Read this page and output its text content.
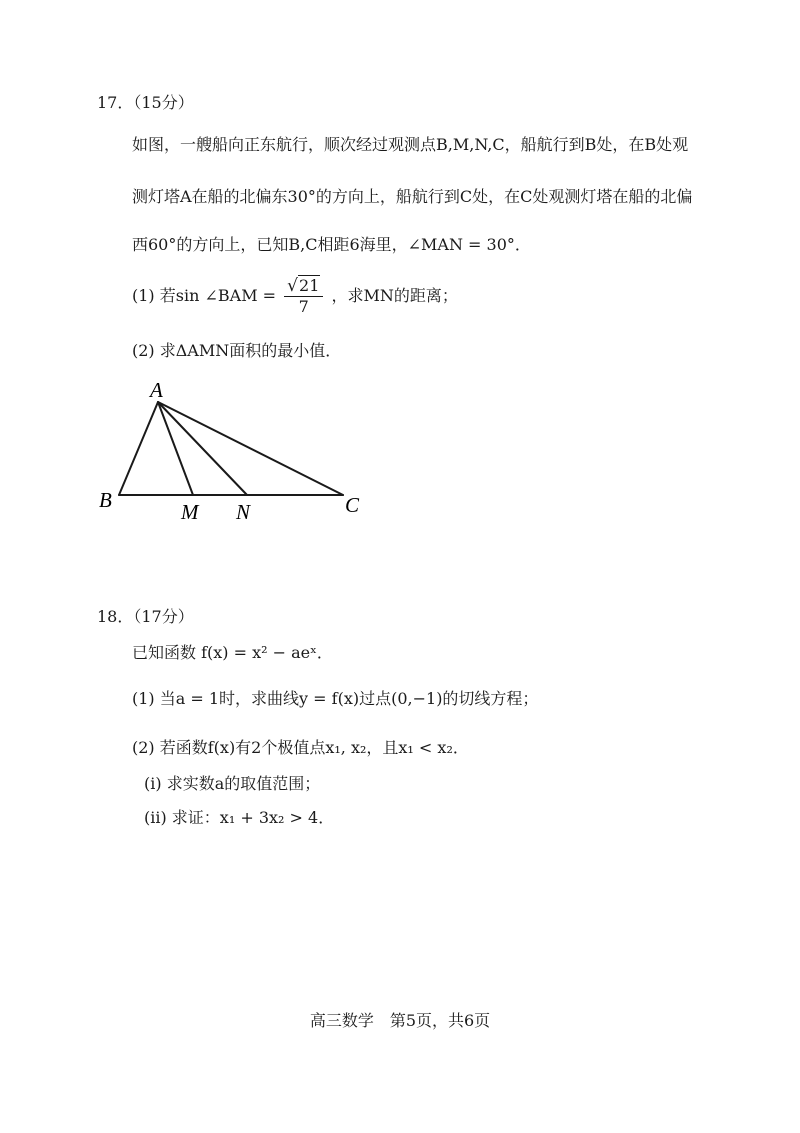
17．（15分）
如图，一艘船向正东航行，顺次经过观测点B,M,N,C，船航行到B处，在B处观
测灯塔A在船的北偏东30°的方向上，船航行到C处，在C处观测灯塔在船的北偏
西60°的方向上，已知B,C相距6海里，∠MAN = 30°．
(1) 若sin ∠BAM = $\frac{√21}{7}$ ，求MN的距离；
(2) 求ΔAMN面积的最小值．
A
B	M N	C
18．（17分）
已知函数 f(x) = x² − aeˣ．
(1) 当a = 1时，求曲线y = f(x)过点(0,−1)的切线方程；
(2) 若函数f(x)有2个极值点x₁, x₂，且x₁ < x₂．
(i) 求实数a的取值范围；
(ii) 求证：x₁ + 3x₂ > 4．
高三数学　第5页，共6页
